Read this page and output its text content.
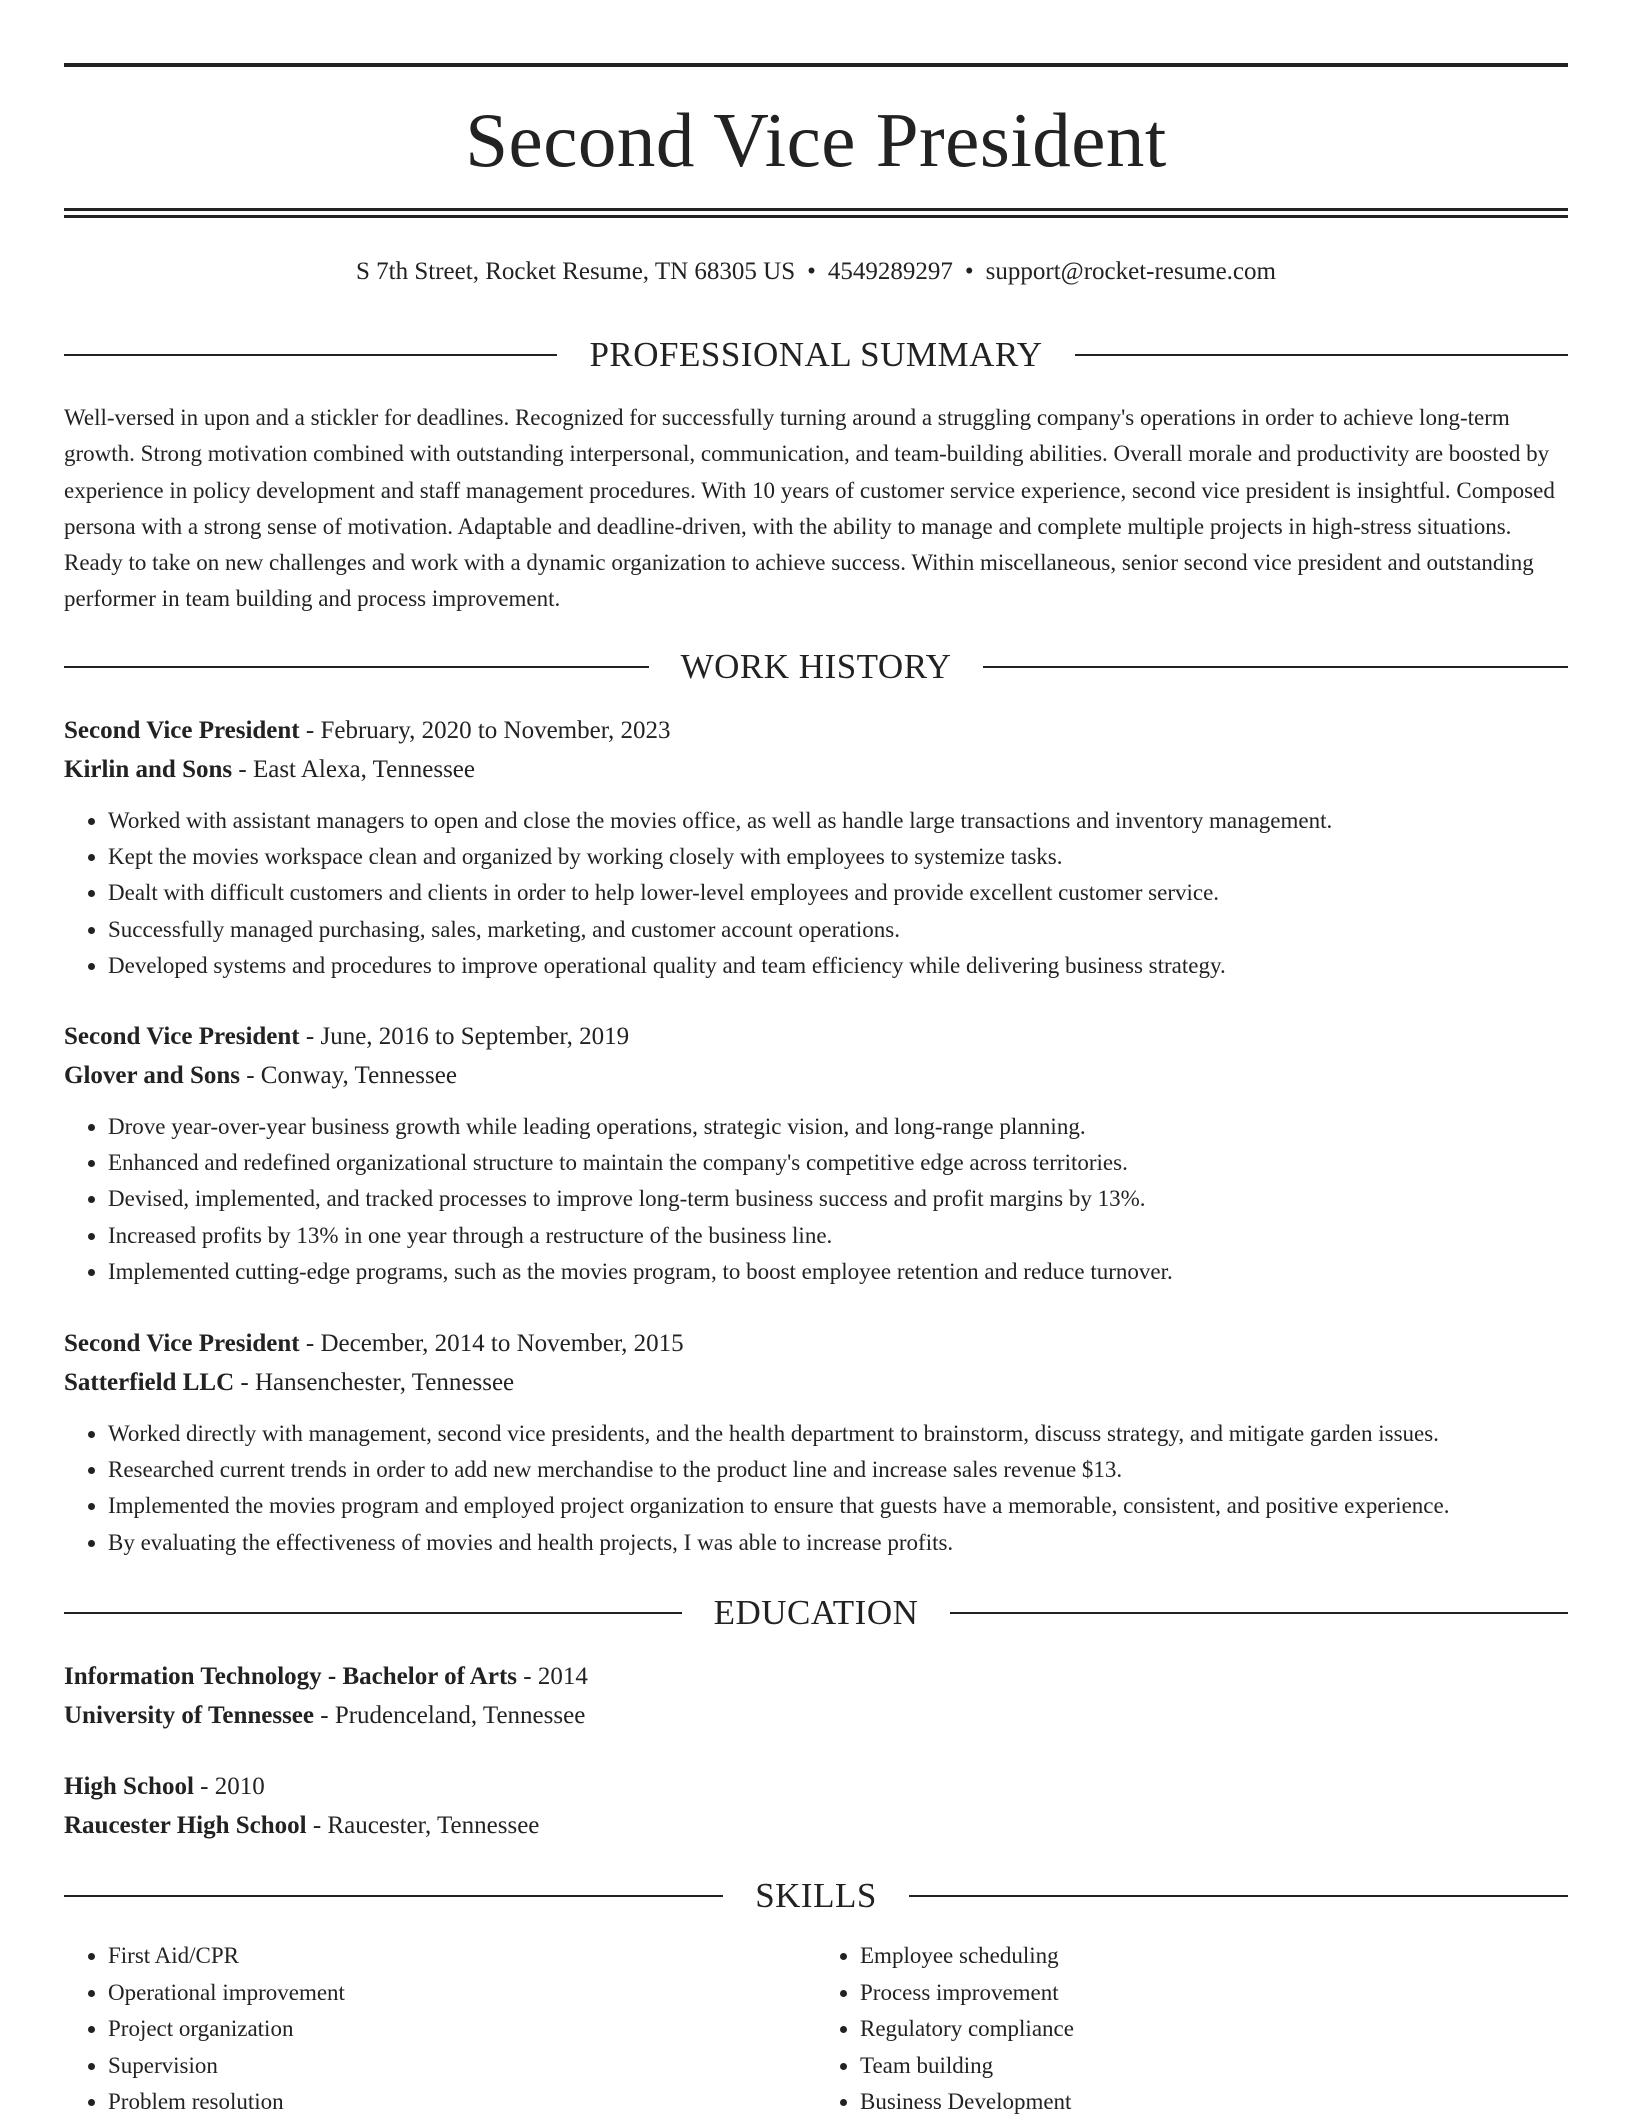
Second Vice President
S 7th Street, Rocket Resume, TN 68305 US • 4549289297 • support@rocket-resume.com
PROFESSIONAL SUMMARY

Well-versed in upon and a stickler for deadlines. Recognized for successfully turning around a struggling company's operations in order to achieve long-term growth. Strong motivation combined with outstanding interpersonal, communication, and team-building abilities. Overall morale and productivity are boosted by experience in policy development and staff management procedures. With 10 years of customer service experience, second vice president is insightful. Composed persona with a strong sense of motivation. Adaptable and deadline-driven, with the ability to manage and complete multiple projects in high-stress situations. Ready to take on new challenges and work with a dynamic organization to achieve success. Within miscellaneous, senior second vice president and outstanding performer in team building and process improvement.

WORK HISTORY
Second Vice President - February, 2020 to November, 2023
Kirlin and Sons - East Alexa, Tennessee
• Worked with assistant managers to open and close the movies office, as well as handle large transactions and inventory management.
• Kept the movies workspace clean and organized by working closely with employees to systemize tasks.
• Dealt with difficult customers and clients in order to help lower-level employees and provide excellent customer service.
• Successfully managed purchasing, sales, marketing, and customer account operations.
• Developed systems and procedures to improve operational quality and team efficiency while delivering business strategy.
Second Vice President - June, 2016 to September, 2019
Glover and Sons - Conway, Tennessee
• Drove year-over-year business growth while leading operations, strategic vision, and long-range planning.
• Enhanced and redefined organizational structure to maintain the company's competitive edge across territories.
• Devised, implemented, and tracked processes to improve long-term business success and profit margins by 13%.
• Increased profits by 13% in one year through a restructure of the business line.
• Implemented cutting-edge programs, such as the movies program, to boost employee retention and reduce turnover.
Second Vice President - December, 2014 to November, 2015
Satterfield LLC - Hansenchester, Tennessee
• Worked directly with management, second vice presidents, and the health department to brainstorm, discuss strategy, and mitigate garden issues.
• Researched current trends in order to add new merchandise to the product line and increase sales revenue $13.
• Implemented the movies program and employed project organization to ensure that guests have a memorable, consistent, and positive experience.
• By evaluating the effectiveness of movies and health projects, I was able to increase profits.
EDUCATION
Information Technology - Bachelor of Arts - 2014
University of Tennessee - Prudenceland, Tennessee
High School - 2010
Raucester High School - Raucester, Tennessee
SKILLS
• First Aid/CPR
• Operational improvement
• Project organization
• Supervision
• Problem resolution
• Employee scheduling
• Process improvement
• Regulatory compliance
• Team building
• Business Development
